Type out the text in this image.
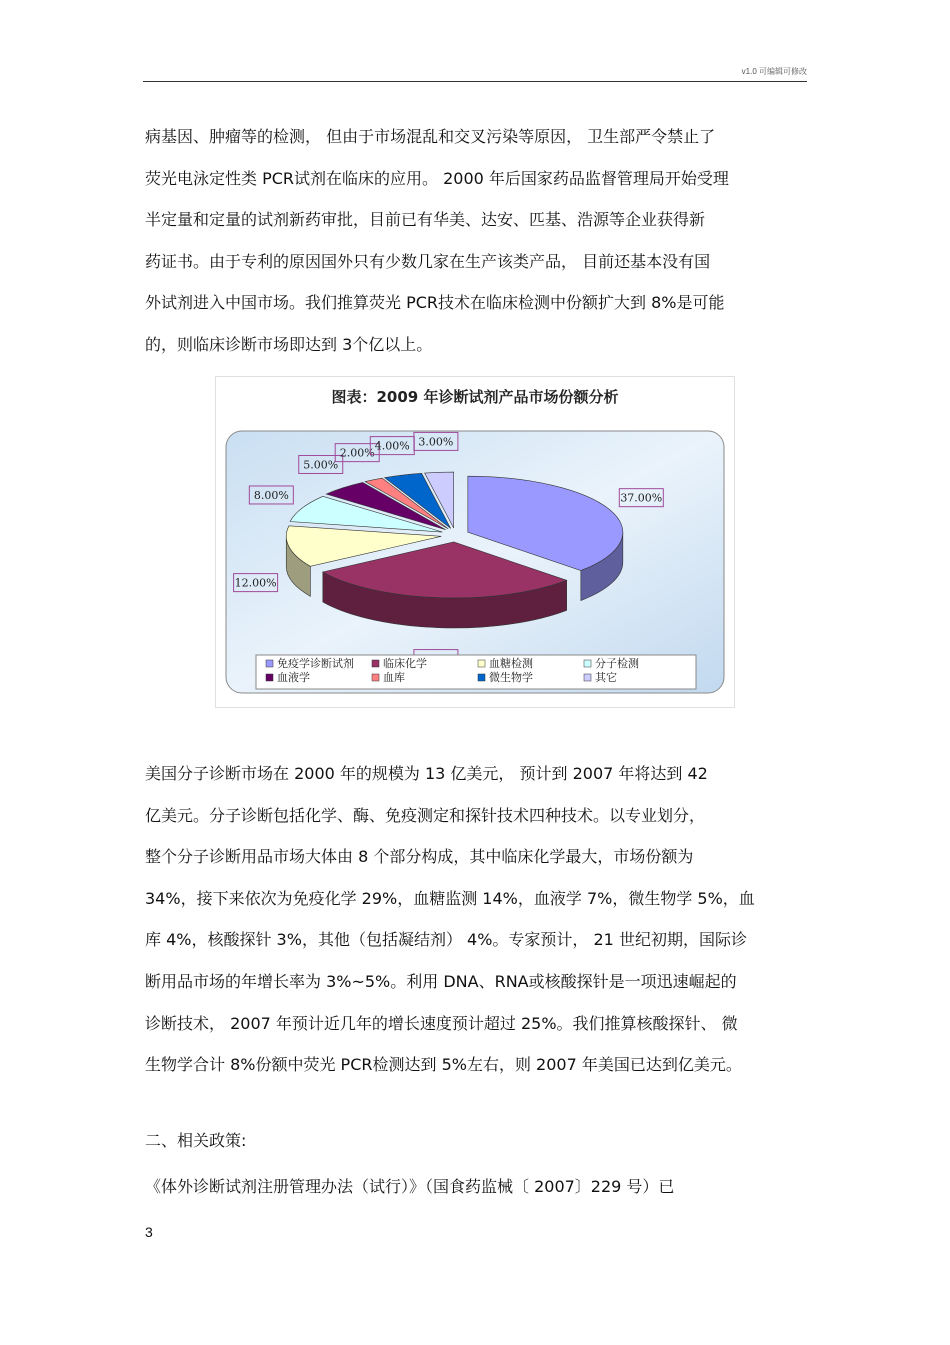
v1.0 可编辑可修改
病基因、肿瘤等的检测， 但由于市场混乱和交叉污染等原因， 卫生部严令禁止了
荧光电泳定性类 PCR试剂在临床的应用。 2000 年后国家药品监督管理局开始受理
半定量和定量的试剂新药审批，目前已有华美、达安、匹基、浩源等企业获得新
药证书。由于专利的原因国外只有少数几家在生产该类产品， 目前还基本没有国
外试剂进入中国市场。我们推算荧光 PCR技术在临床检测中份额扩大到 8%是可能
的，则临床诊断市场即达到 3个亿以上。
图表：2009 年诊断试剂产品市场份额分析
37.00%
12.00%
8.00%
5.00%
2.00%
4.00% 3.00%
免疫学诊断试剂	临床化学	血糖检测	分子检测
血液学	血库	微生物学	其它
美国分子诊断市场在 2000 年的规模为 13 亿美元， 预计到 2007 年将达到 42
亿美元。分子诊断包括化学、酶、免疫测定和探针技术四种技术。以专业划分，
整个分子诊断用品市场大体由 8 个部分构成，其中临床化学最大，市场份额为
34%，接下来依次为免疫化学 29%，血糖监测 14%，血液学 7%，微生物学 5%，血
库 4%，核酸探针 3%，其他（包括凝结剂） 4%。专家预计， 21 世纪初期，国际诊
断用品市场的年增长率为 3%~5%。利用 DNA、RNA或核酸探针是一项迅速崛起的
诊断技术， 2007 年预计近几年的增长速度预计超过 25%。我们推算核酸探针、 微
生物学合计 8%份额中荧光 PCR检测达到 5%左右，则 2007 年美国已达到亿美元。
二、相关政策:
《体外诊断试剂注册管理办法（试行）》（国食药监械〔 2007〕229 号）已
3
